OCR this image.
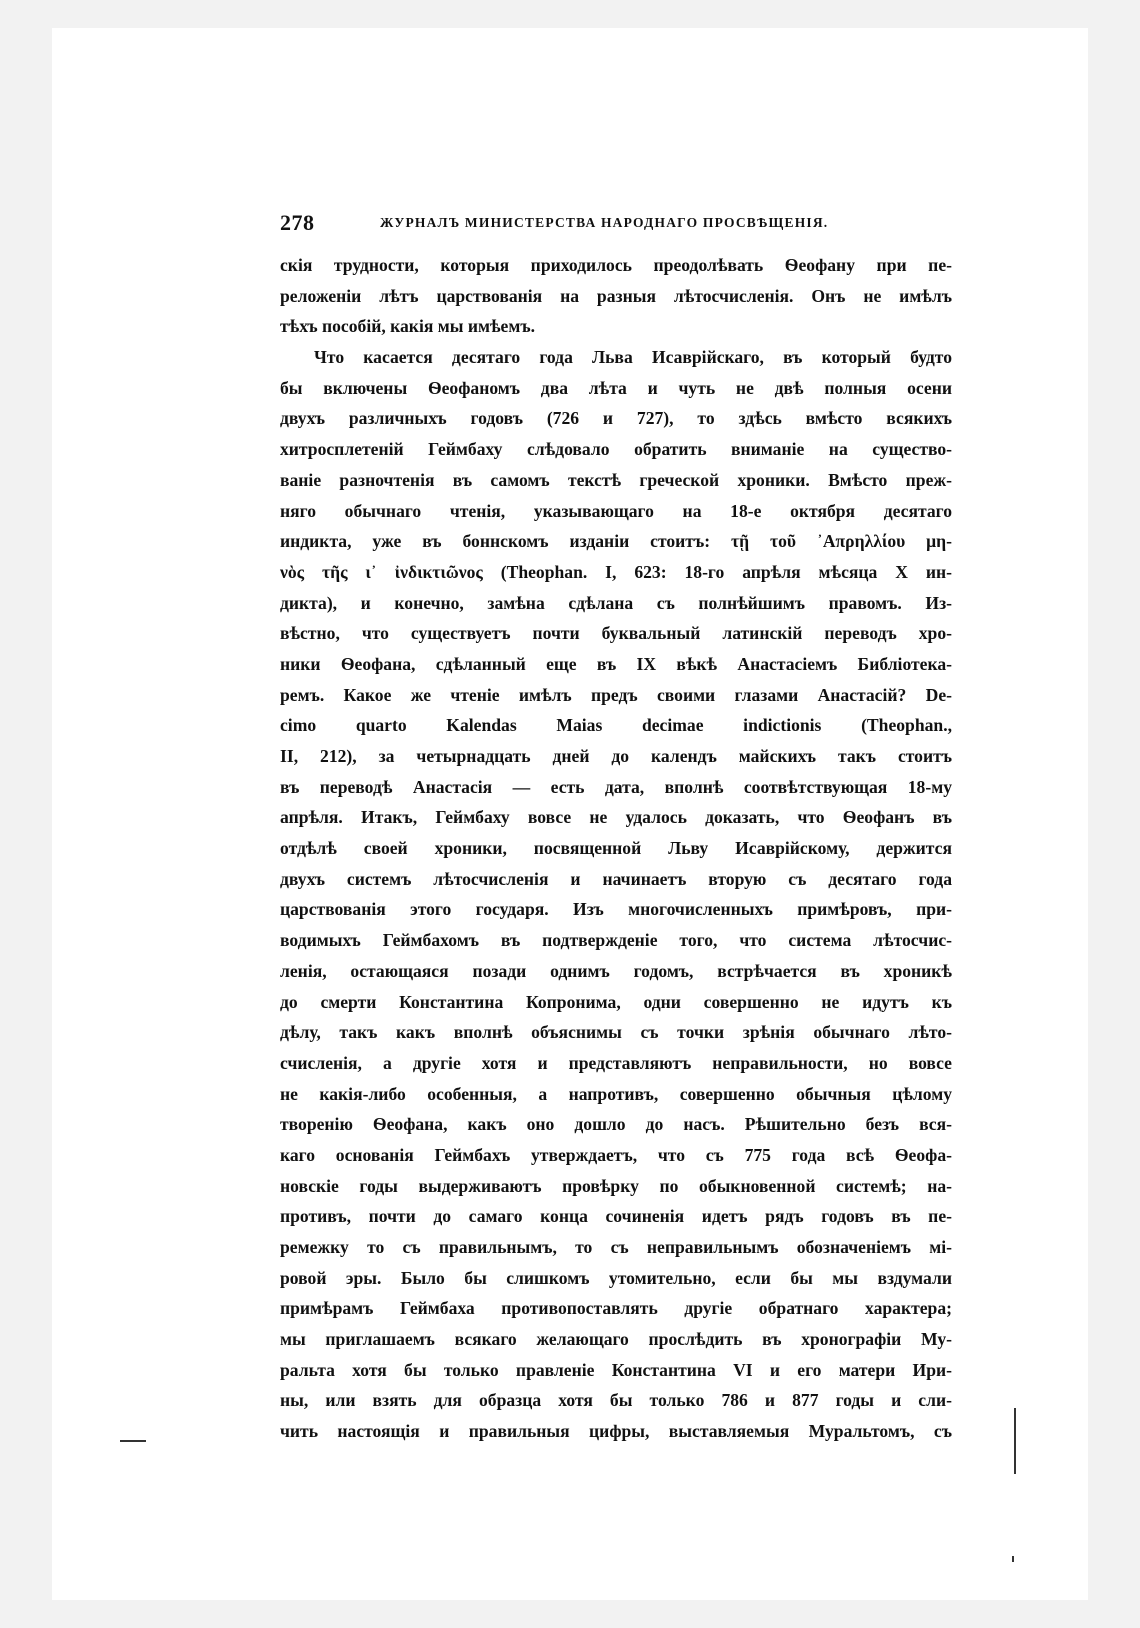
278	ЖУРНАЛЪ МИНИСТЕРСТВА НАРОДНАГО ПРОСВѢЩЕНІЯ.
скія трудности, которыя приходилось преодолѣвать Ѳеофану при пе-
реложеніи лѣтъ царствованія на разныя лѣтосчисленія. Онъ не имѣлъ
тѣхъ пособій, какія мы имѣемъ.
Что касается десятаго года Льва Исаврійскаго, въ который будто
бы включены Ѳеофаномъ два лѣта и чуть не двѣ полныя осени
двухъ различныхъ годовъ (726 и 727), то здѣсь вмѣсто всякихъ
хитросплетеній Геймбаху слѣдовало обратить вниманіе на существо-
ваніе разночтенія въ самомъ текстѣ греческой хроники. Вмѣсто преж-
няго обычнаго чтенія, указывающаго на 18-е октября десятаго
индикта, уже въ боннскомъ изданіи стоитъ: τῇ τοῦ ᾿Απρηλλίου μη-
νὸς τῆς ι᾿ ἰνδικτιῶνος (Theophan. I, 623: 18-го апрѣля мѣсяца X ин-
дикта), и конечно, замѣна сдѣлана съ полнѣйшимъ правомъ. Из-
вѣстно, что существуетъ почти буквальный латинскій переводъ хро-
ники Ѳеофана, сдѣланный еще въ IX вѣкѣ Анастасіемъ Библіотека-
ремъ. Какое же чтеніе имѣлъ предъ своими глазами Анастасій? De-
cimo quarto Kalendas Maias decimae indictionis (Theophan.,
II, 212), за четырнадцать дней до календъ майскихъ такъ стоитъ
въ переводѣ Анастасія — есть дата, вполнѣ соотвѣтствующая 18-му
апрѣля. Итакъ, Геймбаху вовсе не удалось доказать, что Ѳеофанъ въ
отдѣлѣ своей хроники, посвященной Льву Исаврійскому, держится
двухъ системъ лѣтосчисленія и начинаетъ вторую съ десятаго года
царствованія этого государя. Изъ многочисленныхъ примѣровъ, при-
водимыхъ Геймбахомъ въ подтвержденіе того, что система лѣтосчис-
ленія, остающаяся позади однимъ годомъ, встрѣчается въ хроникѣ
до смерти Константина Копронима, одни совершенно не идутъ къ
дѣлу, такъ какъ вполнѣ объяснимы съ точки зрѣнія обычнаго лѣто-
счисленія, а другіе хотя и представляютъ неправильности, но вовсе
не какія-либо особенныя, а напротивъ, совершенно обычныя цѣлому
творенію Ѳеофана, какъ оно дошло до насъ. Рѣшительно безъ вся-
каго основанія Геймбахъ утверждаетъ, что съ 775 года всѣ Ѳеофа-
новскіе годы выдерживаютъ провѣрку по обыкновенной системѣ; на-
противъ, почти до самаго конца сочиненія идетъ рядъ годовъ въ пе-
ремежку то съ правильнымъ, то съ неправильнымъ обозначеніемъ мі-
ровой эры. Было бы слишкомъ утомительно, если бы мы вздумали
примѣрамъ Геймбаха противопоставлять другіе обратнаго характера;
мы приглашаемъ всякаго желающаго прослѣдить въ хронографіи Му-
ральта хотя бы только правленіе Константина VI и его матери Ири-
ны, или взять для образца хотя бы только 786 и 877 годы и сли-
чить настоящія и правильныя цифры, выставляемыя Муральтомъ, съ
